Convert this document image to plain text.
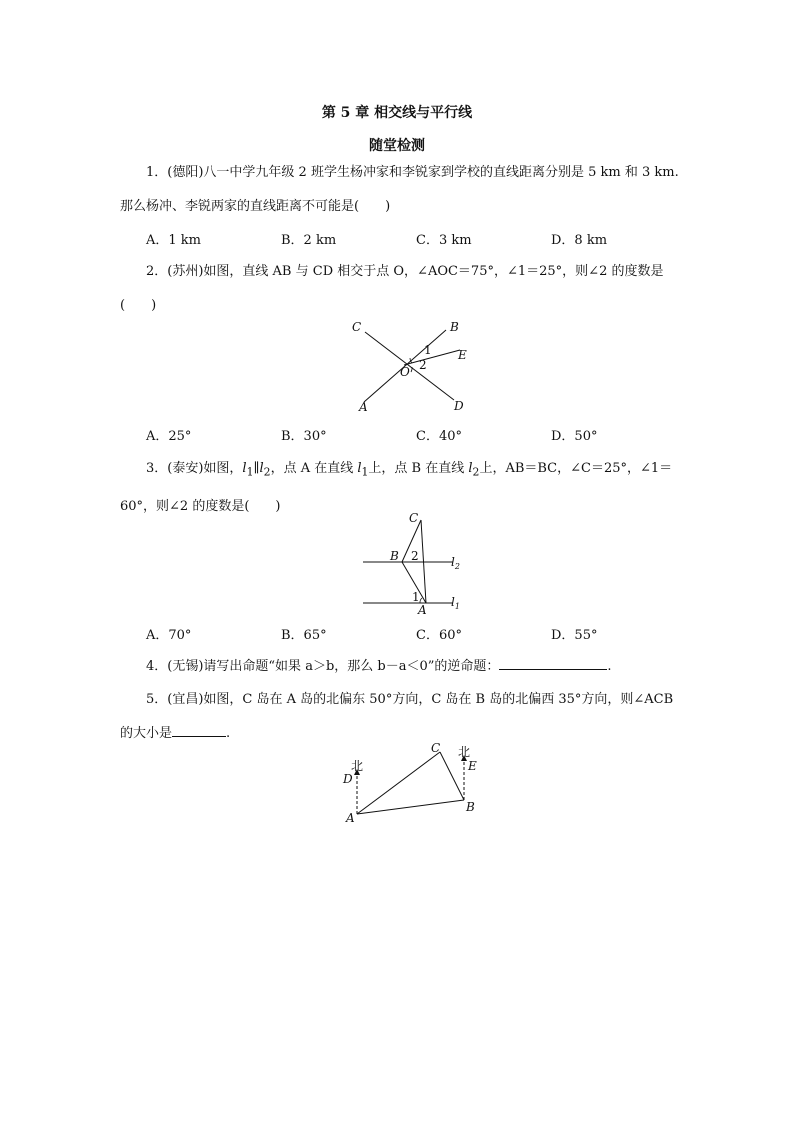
第 5 章 相交线与平行线
随堂检测
1．(德阳)八一中学九年级 2 班学生杨冲家和李锐家到学校的直线距离分别是 5 km 和 3 km.那么杨冲、李锐两家的直线距离不可能是(　　)
A．1 km	B．2 km	C．3 km	D．8 km
2．(苏州)如图，直线 AB 与 CD 相交于点 O，∠AOC＝75°，∠1＝25°，则∠2 的度数是(　　)
C	B
E
1
2
O
A	D
A．25°	B．30°	C．40°	D．50°
3．(泰安)如图，$l_1\parallel l_2$，点 A 在直线 $l_1$上，点 B 在直线 $l_2$上，AB＝BC，∠C＝25°，∠1＝60°，则∠2 的度数是(　　)
C
B 2
1
A
$l_2$
$l_1$
A．70°	B．65°	C．60°	D．55°
4．(无锡)请写出命题“如果 a＞b，那么 b－a＜0”的逆命题：	.
5．(宜昌)如图，C 岛在 A 岛的北偏东 50°方向，C 岛在 B 岛的北偏西 35°方向，则∠ACB 的大小是	.
北
北
D
E
C
A
B
